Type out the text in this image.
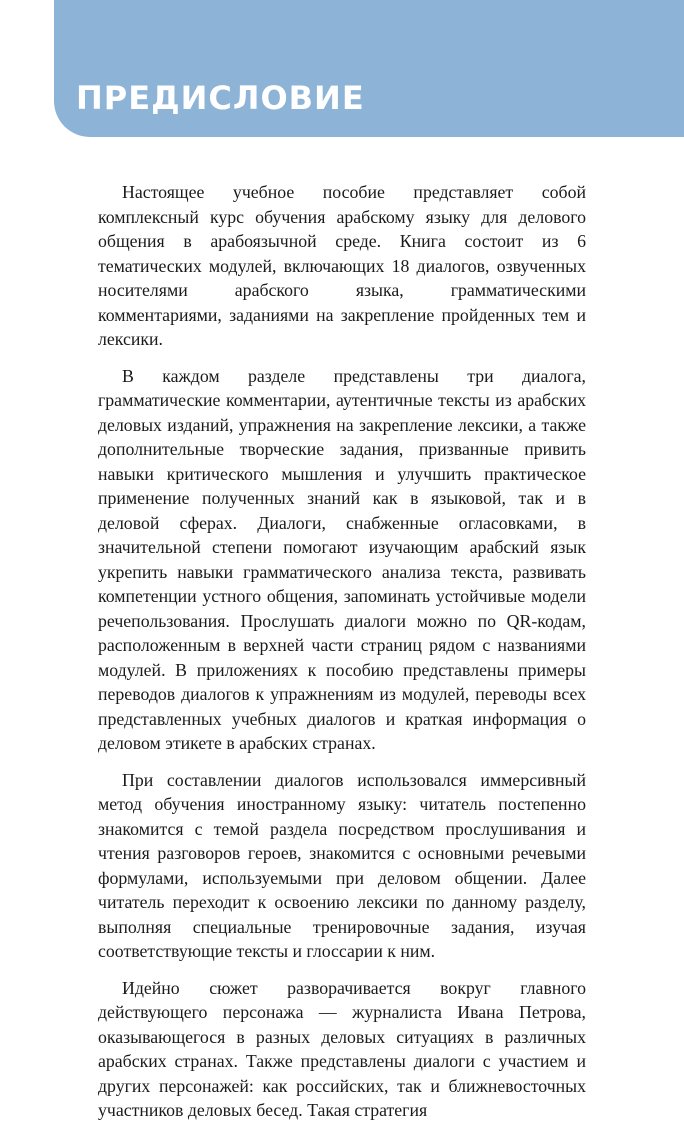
ПРЕДИСЛОВИЕ

Настоящее учебное пособие представляет собой комплексный курс обучения арабскому языку для делового общения в арабоязычной среде. Книга состоит из 6 тематических модулей, включающих 18 диалогов, озвученных носителями арабского языка, грамматическими комментариями, заданиями на закрепление пройденных тем и лексики.

В каждом разделе представлены три диалога, грамматические комментарии, аутентичные тексты из арабских деловых изданий, упражнения на закрепление лексики, а также дополнительные творческие задания, призванные привить навыки критического мышления и улучшить практическое применение полученных знаний как в языковой, так и в деловой сферах. Диалоги, снабженные огласовками, в значительной степени помогают изучающим арабский язык укрепить навыки грамматического анализа текста, развивать компетенции устного общения, запоминать устойчивые модели речепользования. Прослушать диалоги можно по QR-кодам, расположенным в верхней части страниц рядом с названиями модулей. В приложениях к пособию представлены примеры переводов диалогов к упражнениям из модулей, переводы всех представленных учебных диалогов и краткая информация о деловом этикете в арабских странах.

При составлении диалогов использовался иммерсивный метод обучения иностранному языку: читатель постепенно знакомится с темой раздела посредством прослушивания и чтения разговоров героев, знакомится с основными речевыми формулами, используемыми при деловом общении. Далее читатель переходит к освоению лексики по данному разделу, выполняя специальные тренировочные задания, изучая соответствующие тексты и глоссарии к ним.

Идейно сюжет разворачивается вокруг главного действующего персонажа — журналиста Ивана Петрова, оказывающегося в разных деловых ситуациях в различных арабских странах. Также представлены диалоги с участием и других персонажей: как российских, так и ближневосточных участников деловых бесед. Такая стратегия
